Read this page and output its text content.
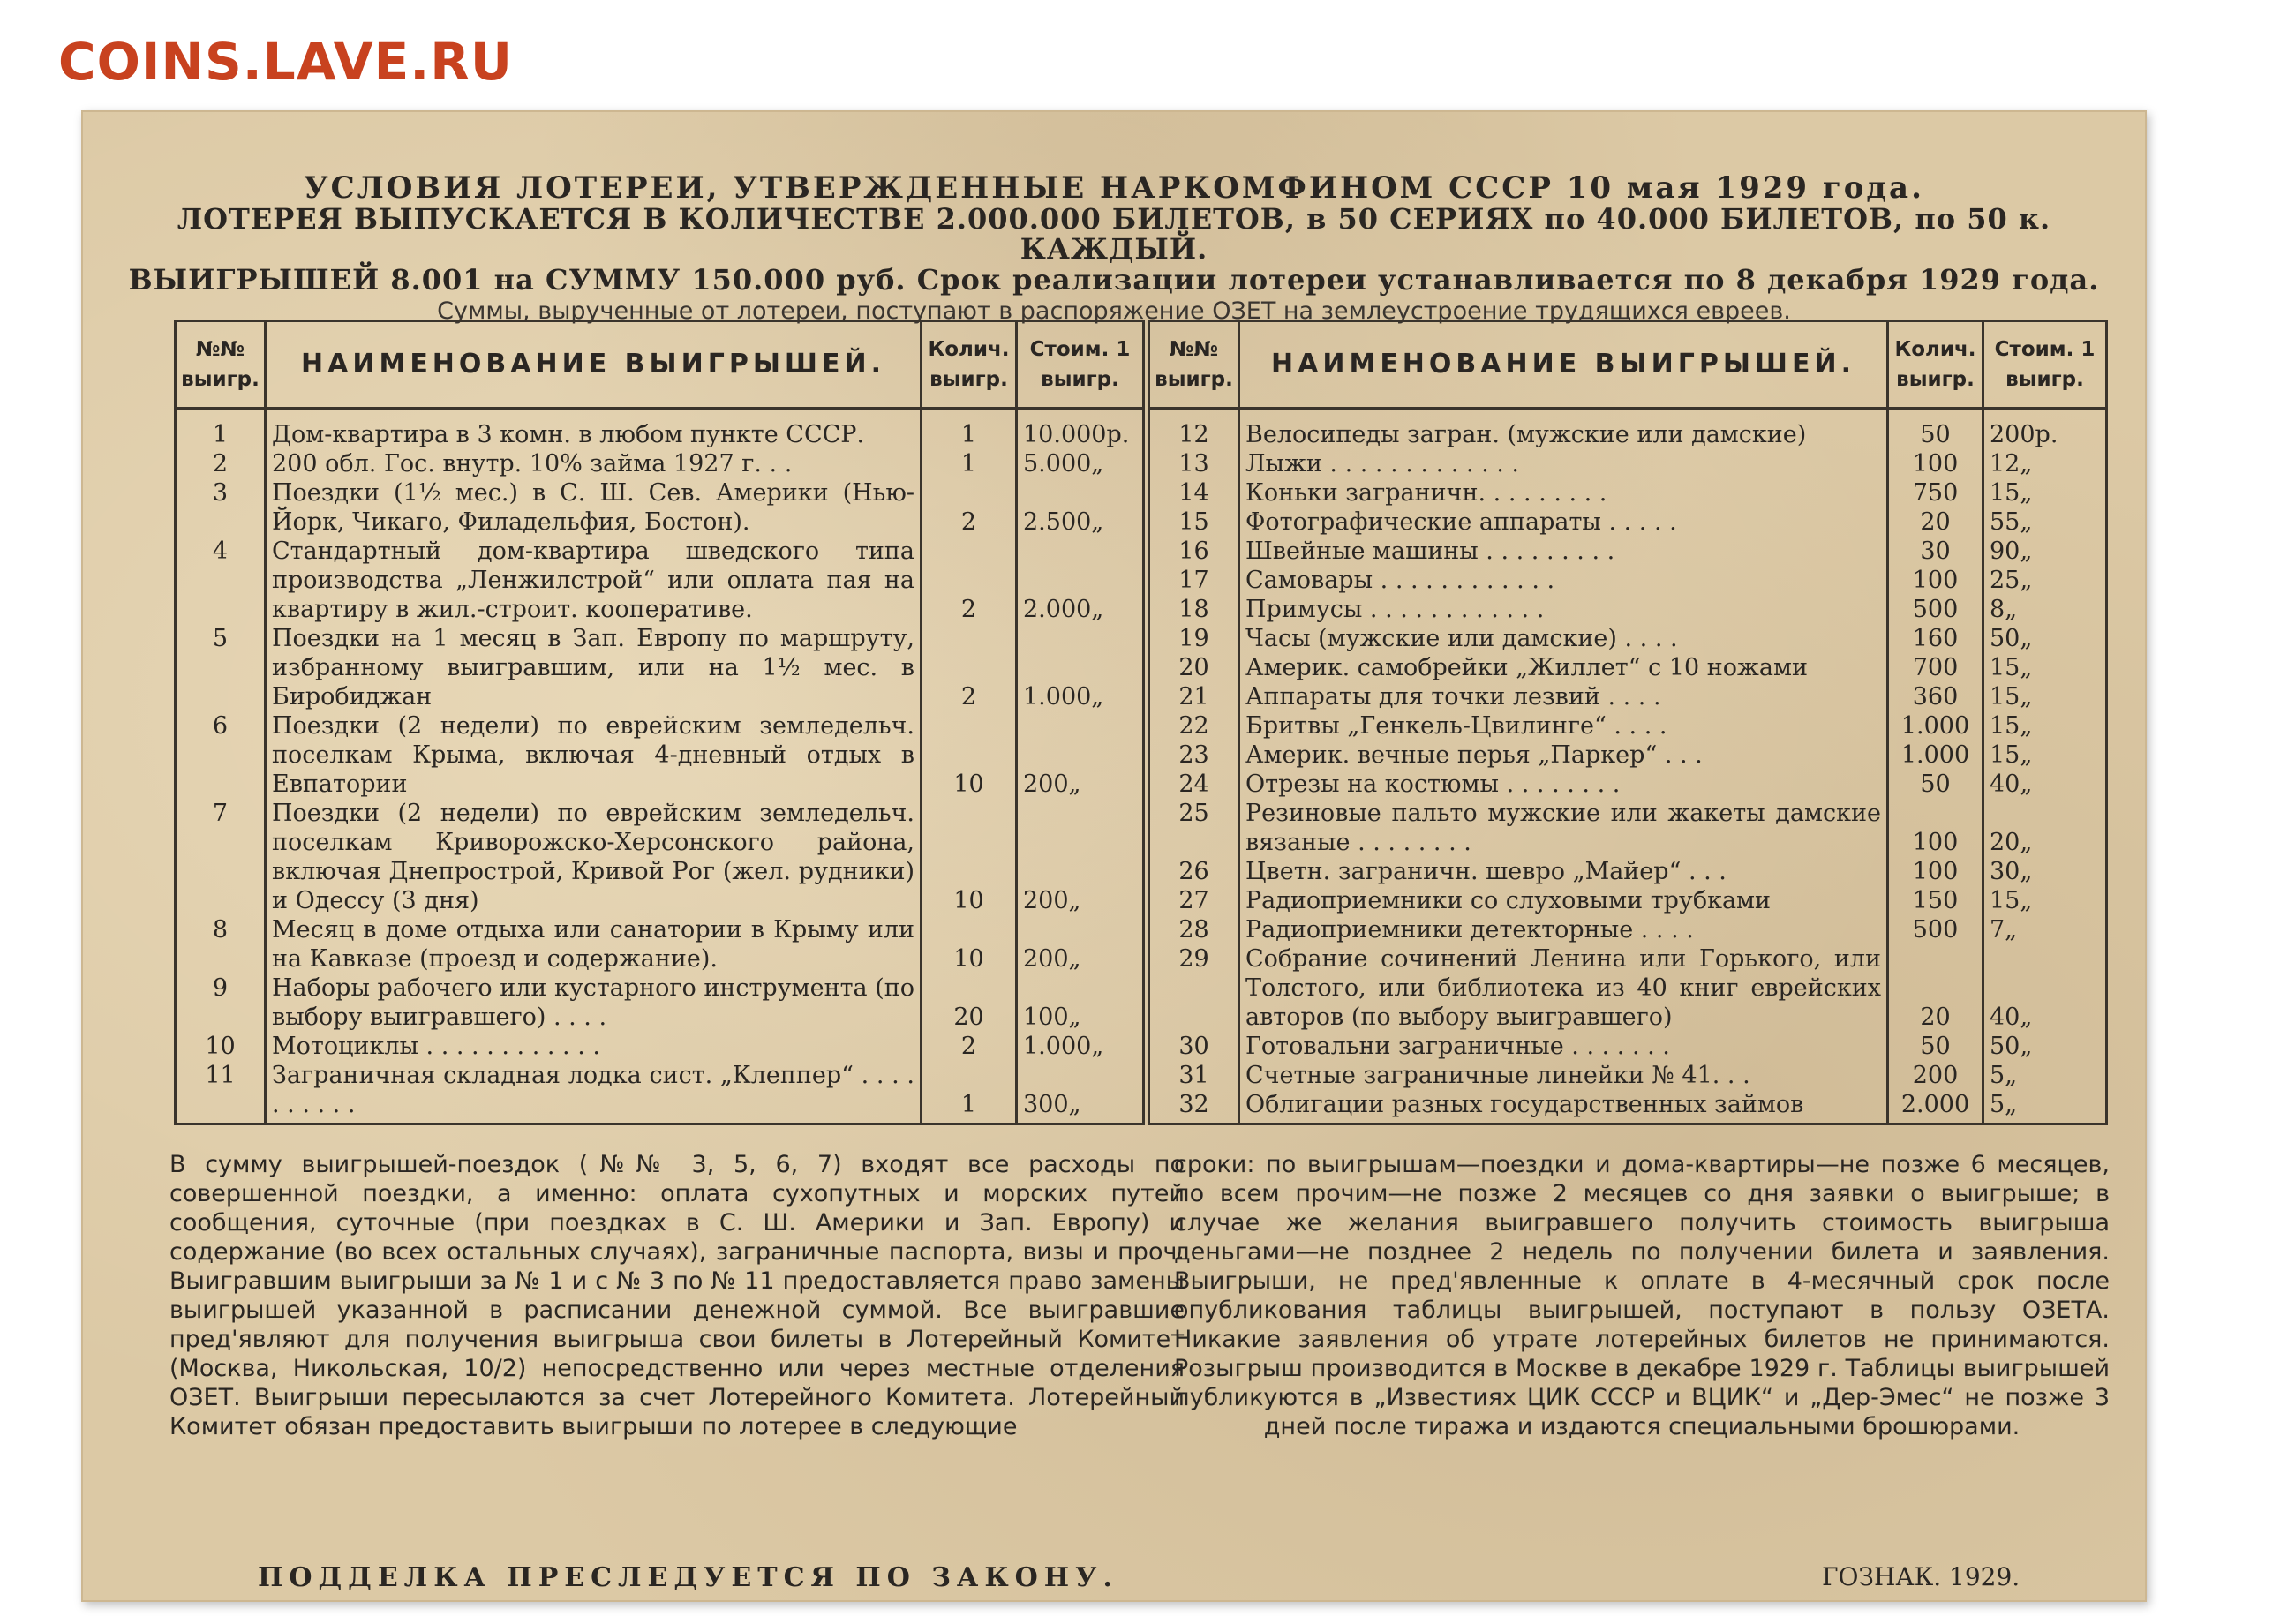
COINS.LAVE.RU
УСЛОВИЯ ЛОТЕРЕИ, УТВЕРЖДЕННЫЕ НАРКОМФИНОМ СССР 10 мая 1929 года.
ЛОТЕРЕЯ ВЫПУСКАЕТСЯ В КОЛИЧЕСТВЕ 2.000.000 БИЛЕТОВ, в 50 СЕРИЯХ по 40.000 БИЛЕТОВ, по 50 к. КАЖДЫЙ.
ВЫИГРЫШЕЙ 8.001 на СУММУ 150.000 руб. Срок реализации лотереи устанавливается по 8 декабря 1929 года.
Суммы, вырученные от лотереи, поступают в распоряжение ОЗЕТ на землеустроение трудящихся евреев.
№№ выигр.	НАИМЕНОВАНИЕ ВЫИГРЫШЕЙ.	Колич. выигр.	Стоим. 1 выигр.
1	Дом-квартира в 3 комн. в любом пункте СССР.	1	10.000р.
2	200 обл. Гос. внутр. 10% займа 1927 г. . .	1	5.000„
3	Поездки (1½ мес.) в С. Ш. Сев. Америки (Нью-Йорк, Чикаго, Филадельфия, Бостон).	2	2.500„
4	Стандартный дом-квартира шведского типа производства „Ленжилстрой“ или оплата пая на квартиру в жил.-строит. кооперативе.	2	2.000„
5	Поездки на 1 месяц в Зап. Европу по маршруту, избранному выигравшим, или на 1½ мес. в Биробиджан	2	1.000„
6	Поездки (2 недели) по еврейским земледельч. поселкам Крыма, включая 4-дневный отдых в Евпатории	10	200„
7	Поездки (2 недели) по еврейским земледельч. поселкам Криворожско-Херсонского района, включая Днепрострой, Кривой Рог (жел. рудники) и Одессу (3 дня)	10	200„
8	Месяц в доме отдыха или санатории в Крыму или на Кавказе (проезд и содержание).	10	200„
9	Наборы рабочего или кустарного инструмента (по выбору выигравшего) . . . .	20	100„
10	Мотоциклы . . . . . . . . . . . .	2	1.000„
11	Заграничная складная лодка сист. „Клеппер“ . . . . . . . . . .	1	300„
№№ выигр.	НАИМЕНОВАНИЕ ВЫИГРЫШЕЙ.	Колич. выигр.	Стоим. 1 выигр.
12	Велосипеды загран. (мужские или дамские)	50	200р.
13	Лыжи . . . . . . . . . . . . .	100	12„
14	Коньки заграничн. . . . . . . . .	750	15„
15	Фотографические аппараты . . . . .	20	55„
16	Швейные машины . . . . . . . . .	30	90„
17	Самовары . . . . . . . . . . . .	100	25„
18	Примусы . . . . . . . . . . . .	500	8„
19	Часы (мужские или дамские) . . . .	160	50„
20	Америк. самобрейки „Жиллет“ с 10 ножами	700	15„
21	Аппараты для точки лезвий . . . .	360	15„
22	Бритвы „Генкель-Цвилинге“ . . . .	1.000	15„
23	Америк. вечные перья „Паркер“ . . .	1.000	15„
24	Отрезы на костюмы . . . . . . . .	50	40„
25	Резиновые пальто мужские или жакеты дамские вязаные . . . . . . . .	100	20„
26	Цветн. заграничн. шевро „Майер“ . . .	100	30„
27	Радиоприемники со слуховыми трубками	150	15„
28	Радиоприемники детекторные . . . .	500	7„
29	Собрание сочинений Ленина или Горького, или Толстого, или библиотека из 40 книг еврейских авторов (по выбору выигравшего)	20	40„
30	Готовальни заграничные . . . . . . .	50	50„
31	Счетные заграничные линейки № 41. . .	200	5„
32	Облигации разных государственных займов	2.000	5„
В сумму выигрышей-поездок (№№ 3, 5, 6, 7) входят все расходы по совершенной поездки, а именно: оплата сухопутных и морских путей сообщения, суточные (при поездках в С. Ш. Америки и Зап. Европу) и содержание (во всех остальных случаях), заграничные паспорта, визы и проч. Выигравшим выигрыши за № 1 и с № 3 по № 11 предоставляется право замены выигрышей указанной в расписании денежной суммой. Все выигравшие пред'являют для получения выигрыша свои билеты в Лотерейный Комитет (Москва, Никольская, 10/2) непосредственно или через местные отделения ОЗЕТ. Выигрыши пересылаются за счет Лотерейного Комитета. Лотерейный Комитет обязан предоставить выигрыши по лотерее в следующие

сроки: по выигрышам—поездки и дома-квартиры—не позже 6 месяцев, по всем прочим—не позже 2 месяцев со дня заявки о выигрыше; в случае же желания выигравшего получить стоимость выигрыша деньгами—не позднее 2 недель по получении билета и заявления. Выигрыши, не пред'явленные к оплате в 4-месячный срок после опубликования таблицы выигрышей, поступают в пользу ОЗЕТА. Никакие заявления об утрате лотерейных билетов не принимаются. Розыгрыш производится в Москве в декабре 1929 г. Таблицы выигрышей публикуются в „Известиях ЦИК СССР и ВЦИК“ и „Дер-Эмес“ не позже 3 дней после тиража и издаются специальными брошюрами.

ПОДДЕЛКА ПРЕСЛЕДУЕТСЯ ПО ЗАКОНУ.	ГОЗНАК. 1929.
